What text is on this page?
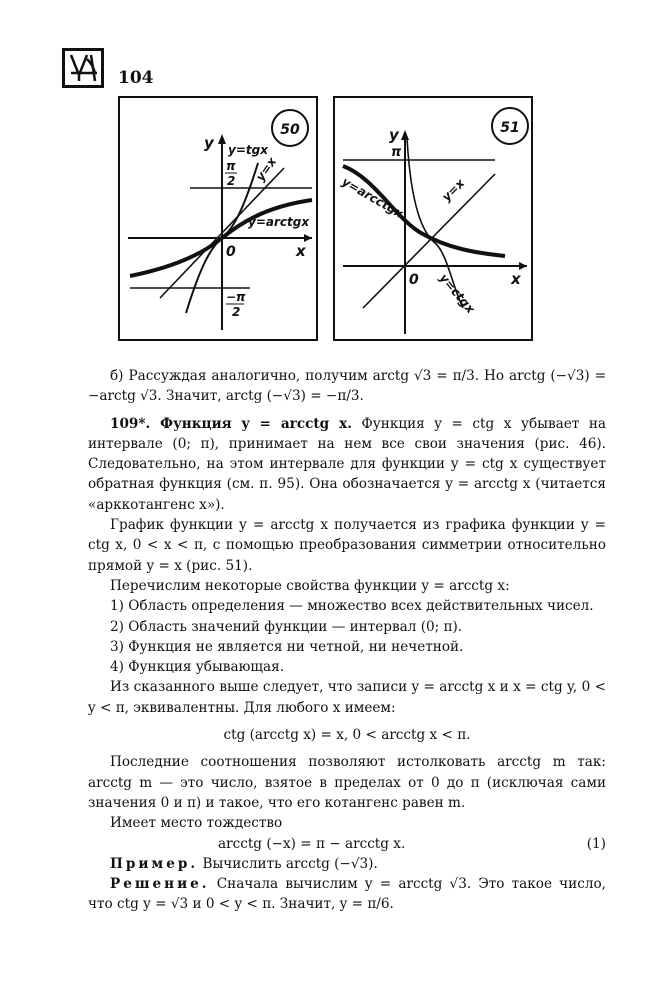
104
50
y
x
0
π
2
−π
2
y=tgx
y=x
y=arctgx
51
y
π
x
0
y=arcctgx	y=x
y=ctgx

б) Рассуждая аналогично, получим arctg √3 = π/3. Но arctg (−√3) = −arctg √3. Значит, arctg (−√3) = −π/3.

109*. Функция y = arcctg x. Функция y = ctg x убывает на интервале (0; π), принимает на нем все свои значения (рис. 46). Следовательно, на этом интервале для функции y = ctg x существует обратная функция (см. п. 95). Она обозначается y = arcctg x (читается «арккотангенс x»).

График функции y = arcctg x получается из графика функции y = ctg x, 0 < x < π, с помощью преобразования симметрии относительно прямой y = x (рис. 51).

Перечислим некоторые свойства функции y = arcctg x:

1) Область определения — множество всех действительных чисел.

2) Область значений функции — интервал (0; π).

3) Функция не является ни четной, ни нечетной.

4) Функция убывающая.

Из сказанного выше следует, что записи y = arcctg x и x = ctg y, 0 < y < π, эквивалентны. Для любого x имеем:

ctg (arcctg x) = x, 0 < arcctg x < π.

Последние соотношения позволяют истолковать arcctg m так: arcctg m — это число, взятое в пределах от 0 до π (исключая сами значения 0 и π) и такое, что его котангенс равен m.

Имеет место тождество

arcctg (−x) = π − arcctg x.	(1)

Пример. Вычислить arcctg (−√3).

Решение. Сначала вычислим y = arcctg √3. Это такое число, что ctg y = √3 и 0 < y < π. Значит, y = π/6.
